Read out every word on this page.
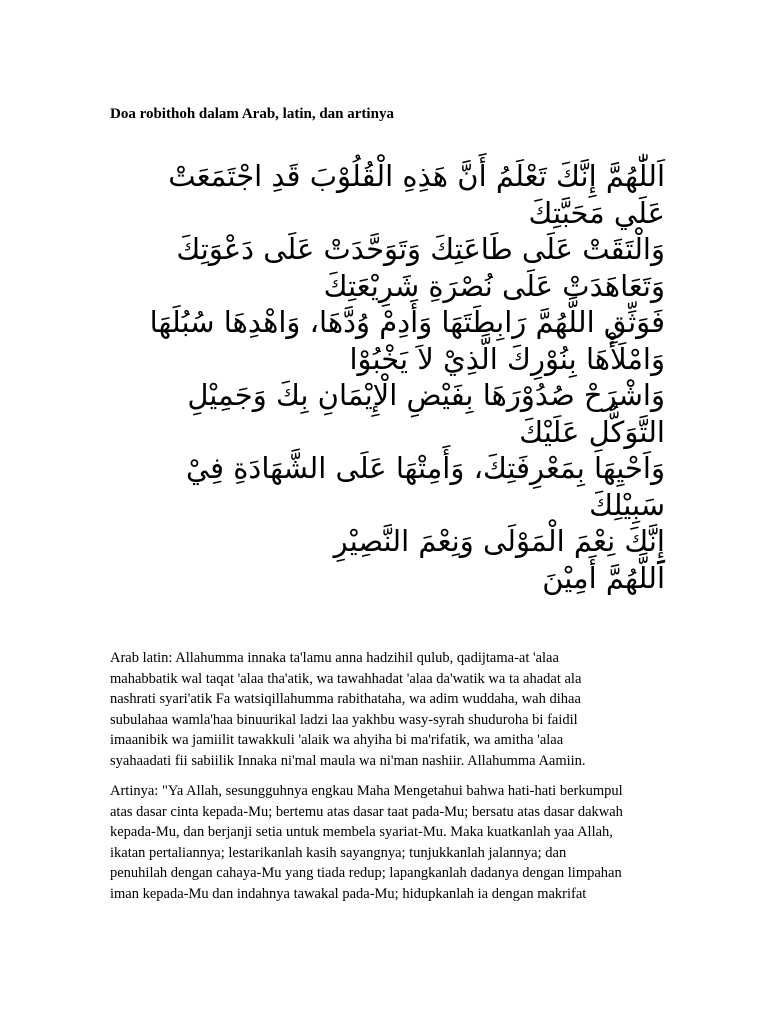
Doa robithoh dalam Arab, latin, dan artinya
اَللّٰهُمَّ إِنَّكَ تَعْلَمُ أَنَّ هَذِهِ الْقُلُوْبَ قَدِ اجْتَمَعَتْ
عَلَي مَحَبَّتِكَ
وَالْتَقَتْ عَلَى طَاعَتِكَ وَتَوَحَّدَتْ عَلَى دَعْوَتِكَ
وَتَعَاهَدَتْ عَلَى نُصْرَةِ شَرِيْعَتِكَ
فَوَثِّقِ اللَّهُمَّ رَابِطَتَهَا وَأَدِمْ وُدَّهَا، وَاهْدِهَا سُبُلَهَا
وَامْلَأْهَا بِنُوْرِكَ الَّذِيْ لاَ يَخْبُوْا
وَاشْرَحْ صُدُوْرَهَا بِفَيْضِ الْإِيْمَانِ بِكَ وَجَمِيْلِ
التَّوَكُّلِ عَلَيْكَ
وَاَحْيِهَا بِمَعْرِفَتِكَ، وَأَمِتْهَا عَلَى الشَّهَادَةِ فِيْ
سَبِيْلِكَ
إِنَّكَ نِعْمَ الْمَوْلَى وَنِعْمَ النَّصِيْرِ
اَللَّهُمَّ أَمِيْنَ
Arab latin: Allahumma innaka ta'lamu anna hadzihil qulub, qadijtama-at 'alaa
mahabbatik wal taqat 'alaa tha'atik, wa tawahhadat 'alaa da'watik wa ta ahadat ala
nashrati syari'atik Fa watsiqillahumma rabithataha, wa adim wuddaha, wah dihaa
subulahaa wamla'haa binuurikal ladzi laa yakhbu wasy-syrah shuduroha bi faidil
imaanibik wa jamiilit tawakkuli 'alaik wa ahyiha bi ma'rifatik, wa amitha 'alaa
syahaadati fii sabiilik Innaka ni'mal maula wa ni'man nashiir. Allahumma Aamiin.
Artinya: "Ya Allah, sesungguhnya engkau Maha Mengetahui bahwa hati-hati berkumpul
atas dasar cinta kepada-Mu; bertemu atas dasar taat pada-Mu; bersatu atas dasar dakwah
kepada-Mu, dan berjanji setia untuk membela syariat-Mu. Maka kuatkanlah yaa Allah,
ikatan pertaliannya; lestarikanlah kasih sayangnya; tunjukkanlah jalannya; dan
penuhilah dengan cahaya-Mu yang tiada redup; lapangkanlah dadanya dengan limpahan
iman kepada-Mu dan indahnya tawakal pada-Mu; hidupkanlah ia dengan makrifat
